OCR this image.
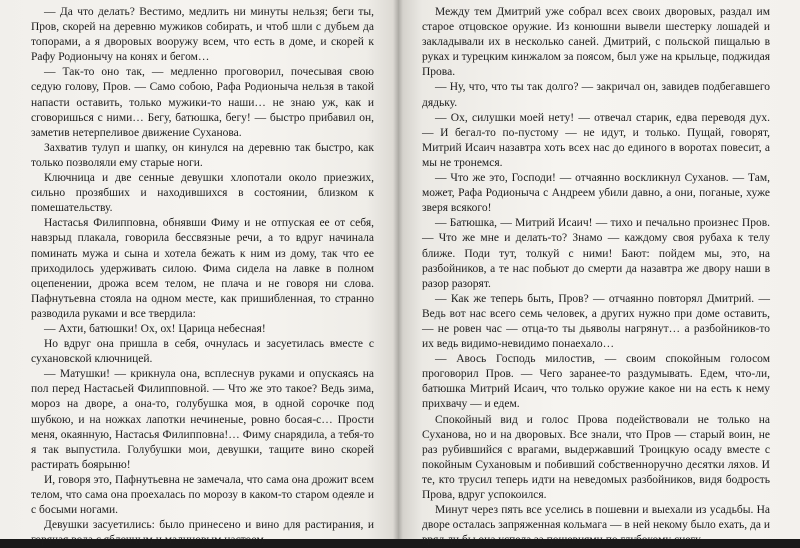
— Да что делать? Вестимо, медлить ни минуты нельзя; беги ты, Пров, скорей на деревню мужиков собирать, и чтоб шли с дубьем да топорами, а я дворовых вооружу всем, что есть в доме, и скорей к Рафу Родионычу на конях и бегом…

— Так-то оно так, — медленно проговорил, почесывая свою седую голову, Пров. — Само собою, Рафа Родионыча нельзя в такой напасти оставить, только мужики-то наши… не знаю уж, как и сговоришься с ними… Бегу, батюшка, бегу! — быстро прибавил он, заметив нетерпеливое движение Суханова.

Захватив тулуп и шапку, он кинулся на деревню так быстро, как только позволяли ему старые ноги.

Ключница и две сенные девушки хлопотали около приезжих, сильно прозябших и находившихся в состоянии, близком к помешательству.

Настасья Филипповна, обнявши Фиму и не отпуская ее от себя, навзрыд плакала, говорила бессвязные речи, а то вдруг начинала поминать мужа и сына и хотела бежать к ним из дому, так что ее приходилось удерживать силою. Фима сидела на лавке в полном оцепенении, дрожа всем телом, не плача и не говоря ни слова. Пафнутьевна стояла на одном месте, как пришибленная, то странно разводила руками и все твердила:

— Ахти, батюшки! Ох, ох! Царица небесная!

Но вдруг она пришла в себя, очнулась и засуетилась вместе с сухановской ключницей.

— Матушки! — крикнула она, всплеснув руками и опускаясь на пол перед Настасьей Филипповной. — Что же это такое? Ведь зима, мороз на дворе, а она-то, голубушка моя, в одной сорочке под шубкою, и на ножках лапотки нечиненые, ровно босая-с… Прости меня, окаянную, Настасья Филипповна!… Фиму снарядила, а тебя-то я так выпустила. Голубушки мои, девушки, тащите вино скорей растирать боярыню!

И, говоря это, Пафнутьевна не замечала, что сама она дрожит всем телом, что сама она проехалась по морозу в каком-то старом одеяле и с босыми ногами.

Девушки засуетились: было принесено и вино для растирания, и горячая вода с яблочным и малиновым настоем.

Между тем Дмитрий уже собрал всех своих дворовых, раздал им старое отцовское оружие. Из конюшни вывели шестерку лошадей и закладывали их в несколько саней. Дмитрий, с польской пищалью в руках и турецким кинжалом за поясом, был уже на крыльце, поджидая Прова.

— Ну, что, что ты так долго? — закричал он, завидев подбегавшего дядьку.

— Ох, силушки моей нету! — отвечал старик, едва переводя дух. — И бегал-то по-пустому — не идут, и только. Пущай, говорят, Митрий Исаич назавтра хоть всех нас до единого в воротах повесит, а мы не тронемся.

— Что же это, Господи! — отчаянно воскликнул Суханов. — Там, может, Рафа Родионыча с Андреем убили давно, а они, поганые, хуже зверя всякого!

— Батюшка, — Митрий Исаич! — тихо и печально произнес Пров. — Что же мне и делать-то? Знамо — каждому своя рубаха к телу ближе. Поди тут, толкуй с ними! Бают: пойдем мы, это, на разбойников, а те нас побьют до смерти да назавтра же двору наши в разор разорят.

— Как же теперь быть, Пров? — отчаянно повторял Дмитрий. — Ведь вот нас всего семь человек, а других нужно при доме оставить, — не ровен час — отца-то ты дьяволы нагрянут… а разбойников-то их ведь видимо-невидимо понаехало…

— Авось Господь милостив, — своим спокойным голосом проговорил Пров. — Чего заранее-то раздумывать. Едем, что-ли, батюшка Митрий Исаич, что только оружие какое ни на есть к нему прихвачу — и едем.

Спокойный вид и голос Прова подействовали не только на Суханова, но и на дворовых. Все знали, что Пров — старый воин, не раз рубившийся с врагами, выдержавший Троицкую осаду вместе с покойным Сухановым и побивший собственноручно десятки ляхов. И те, кто трусил теперь идти на неведомых разбойников, видя бодрость Прова, вдруг успокоился.

Минут через пять все уселись в пошевни и выехали из усадьбы. На дворе осталась запряженная кольмага — в ней некому было ехать, да и вряд ли бы она успела за пошевнями по глубокому снегу.
